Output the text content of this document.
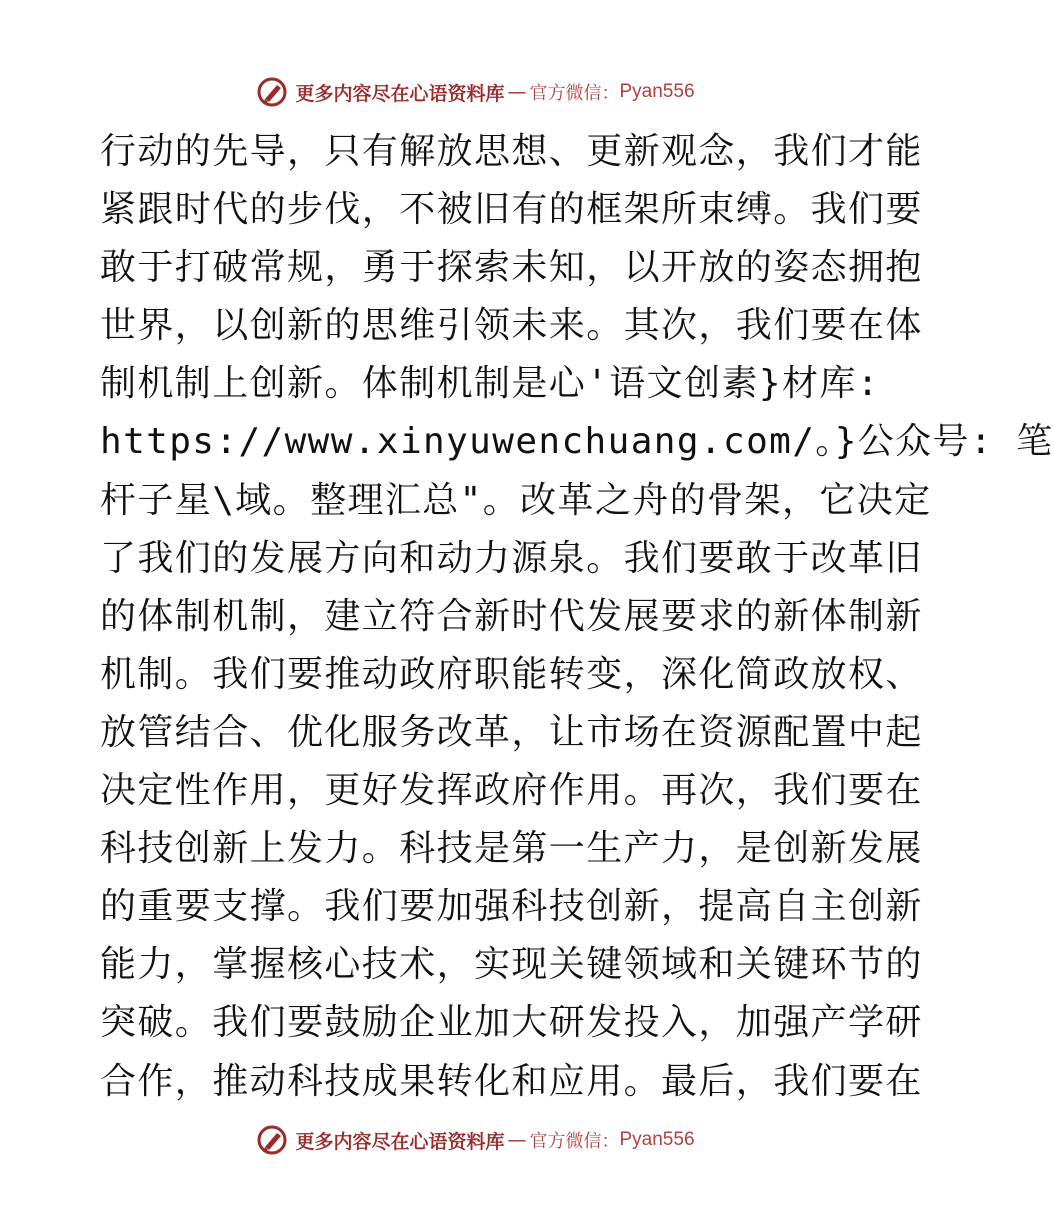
更多内容尽在心语资料库 — 官方微信： Pyan556
行动的先导，只有解放思想、更新观念，我们才能
紧跟时代的步伐，不被旧有的框架所束缚。我们要
敢于打破常规，勇于探索未知，以开放的姿态拥抱
世界，以创新的思维引领未来。其次，我们要在体
制机制上创新。体制机制是心'语文创素}材库:
https://www.xinyuwenchuang.com/。}公众号: 笔
杆子星\域。整理汇总"。改革之舟的骨架，它决定
了我们的发展方向和动力源泉。我们要敢于改革旧
的体制机制，建立符合新时代发展要求的新体制新
机制。我们要推动政府职能转变，深化简政放权、
放管结合、优化服务改革，让市场在资源配置中起
决定性作用，更好发挥政府作用。再次，我们要在
科技创新上发力。科技是第一生产力，是创新发展
的重要支撑。我们要加强科技创新，提高自主创新
能力，掌握核心技术，实现关键领域和关键环节的
突破。我们要鼓励企业加大研发投入，加强产学研
合作，推动科技成果转化和应用。最后，我们要在
更多内容尽在心语资料库 — 官方微信： Pyan556
